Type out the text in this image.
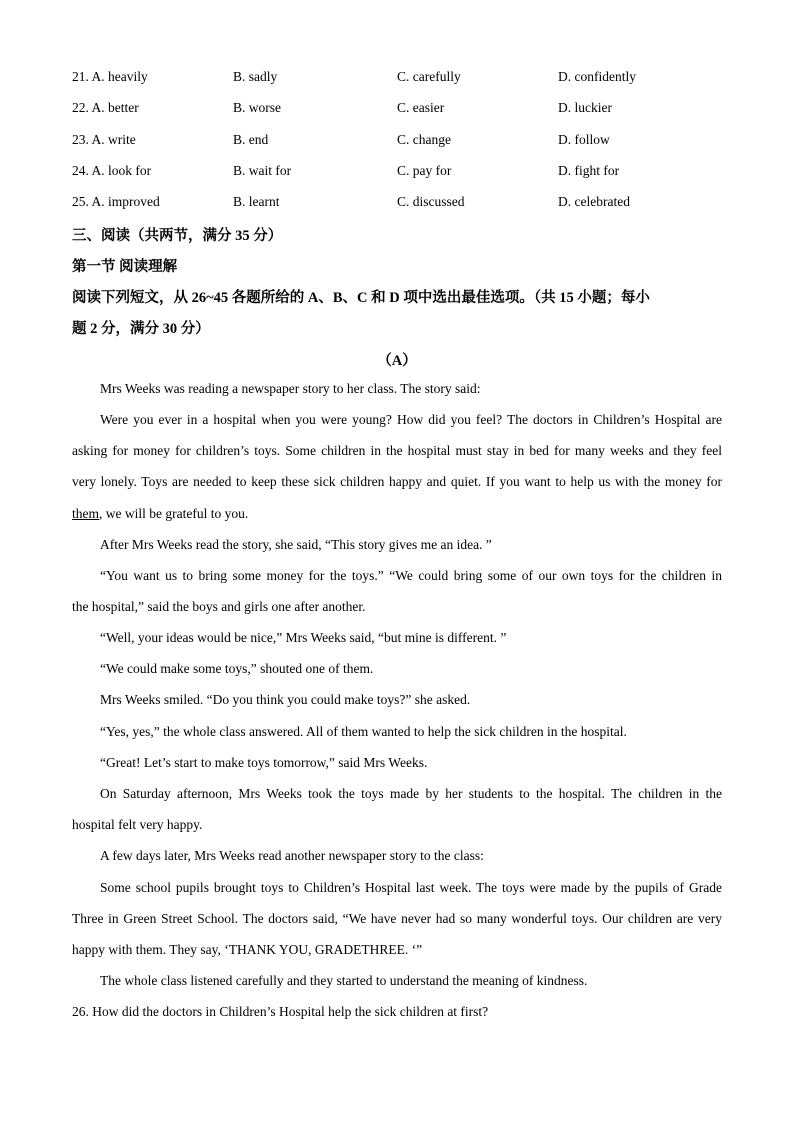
21. A. heavily	B. sadly	C. carefully	D. confidently
22. A. better	B. worse	C. easier	D. luckier
23. A. write	B. end	C. change	D. follow
24. A. look for	B. wait for	C. pay for	D. fight for
25. A. improved	B. learnt	C. discussed	D. celebrated
三、阅读（共两节，满分 35 分）
第一节 阅读理解
阅读下列短文，从 26~45 各题所给的 A、B、C 和 D 项中选出最佳选项。（共 15 小题；每小
题 2 分，满分 30 分）
（A）
Mrs Weeks was reading a newspaper story to her class. The story said:
Were you ever in a hospital when you were young? How did you feel? The doctors in Children’s Hospital are
asking for money for children’s toys. Some children in the hospital must stay in bed for many weeks and they feel
very lonely. Toys are needed to keep these sick children happy and quiet. If you want to help us with the money for
them, we will be grateful to you.
After Mrs Weeks read the story, she said, “This story gives me an idea. ”
“You want us to bring some money for the toys.” “We could bring some of our own toys for the children in
the hospital,” said the boys and girls one after another.
“Well, your ideas would be nice,” Mrs Weeks said, “but mine is different. ”
“We could make some toys,” shouted one of them.
Mrs Weeks smiled. “Do you think you could make toys?” she asked.
“Yes, yes,” the whole class answered. All of them wanted to help the sick children in the hospital.
“Great! Let’s start to make toys tomorrow,” said Mrs Weeks.
On Saturday afternoon, Mrs Weeks took the toys made by her students to the hospital. The children in the
hospital felt very happy.
A few days later, Mrs Weeks read another newspaper story to the class:
Some school pupils brought toys to Children’s Hospital last week. The toys were made by the pupils of Grade
Three in Green Street School. The doctors said, “We have never had so many wonderful toys. Our children are very
happy with them. They say, ‘THANK YOU, GRADETHREE. ‘”
The whole class listened carefully and they started to understand the meaning of kindness.
26. How did the doctors in Children’s Hospital help the sick children at first?
